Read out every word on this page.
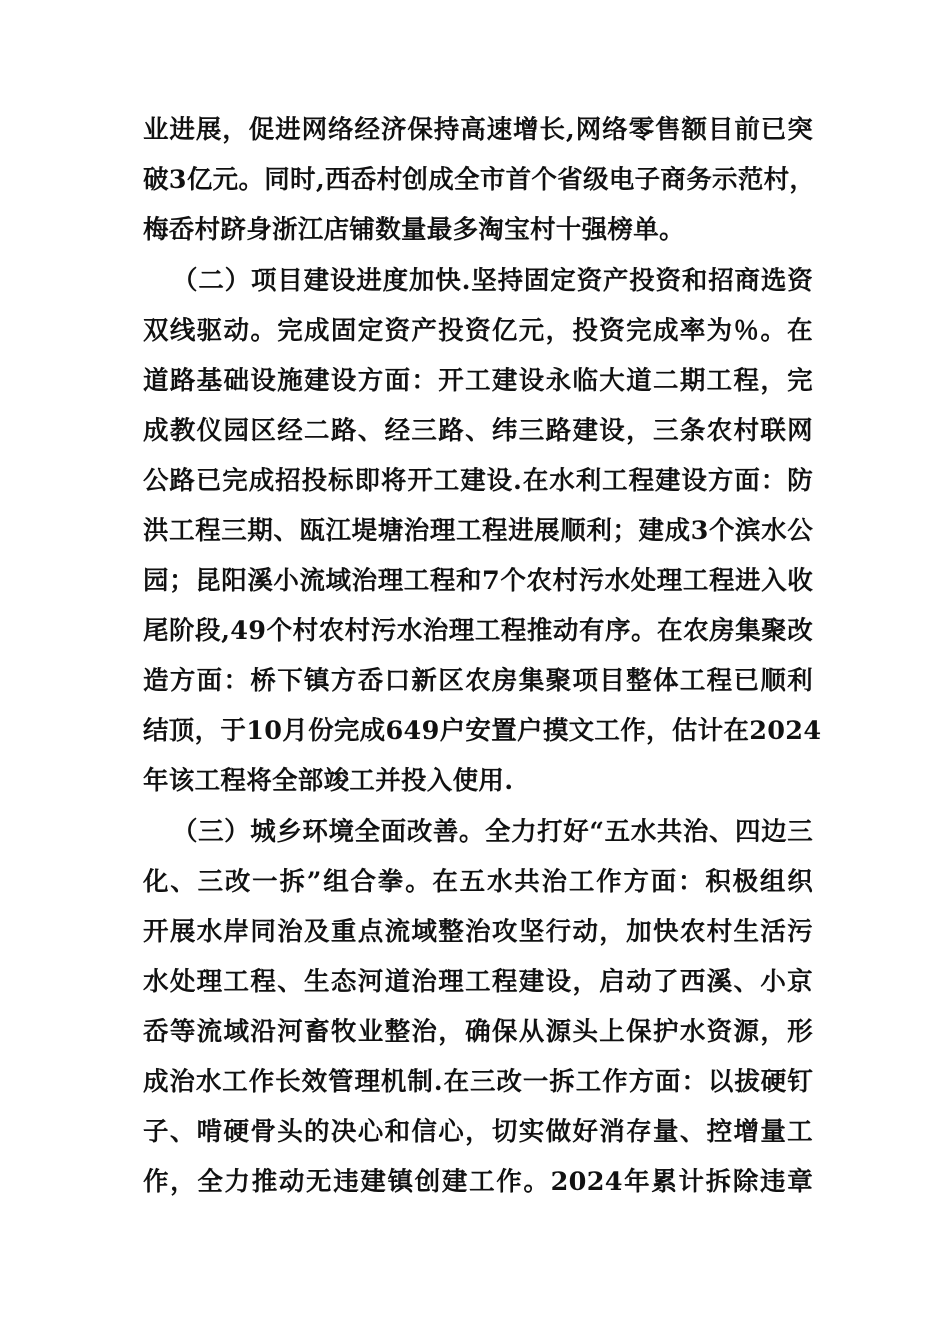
业进展，促进网络经济保持高速增长,网络零售额目前已突
破3亿元。同时,西岙村创成全市首个省级电子商务示范村，
梅岙村跻身浙江店铺数量最多淘宝村十强榜单。
（二）项目建设进度加快.坚持固定资产投资和招商选资
双线驱动。完成固定资产投资亿元，投资完成率为％。在
道路基础设施建设方面：开工建设永临大道二期工程，完
成教仪园区经二路、经三路、纬三路建设，三条农村联网
公路已完成招投标即将开工建设.在水利工程建设方面：防
洪工程三期、瓯江堤塘治理工程进展顺利；建成3个滨水公
园；昆阳溪小流域治理工程和7个农村污水处理工程进入收
尾阶段,49个村农村污水治理工程推动有序。在农房集聚改
造方面：桥下镇方岙口新区农房集聚项目整体工程已顺利
结顶，于10月份完成649户安置户摸文工作，估计在2024
年该工程将全部竣工并投入使用.
（三）城乡环境全面改善。全力打好“五水共治、四边三
化、三改一拆”组合拳。在五水共治工作方面：积极组织
开展水岸同治及重点流域整治攻坚行动，加快农村生活污
水处理工程、生态河道治理工程建设，启动了西溪、小京
岙等流域沿河畜牧业整治，确保从源头上保护水资源，形
成治水工作长效管理机制.在三改一拆工作方面：以拔硬钉
子、啃硬骨头的决心和信心，切实做好消存量、控增量工
作，全力推动无违建镇创建工作。2024年累计拆除违章
